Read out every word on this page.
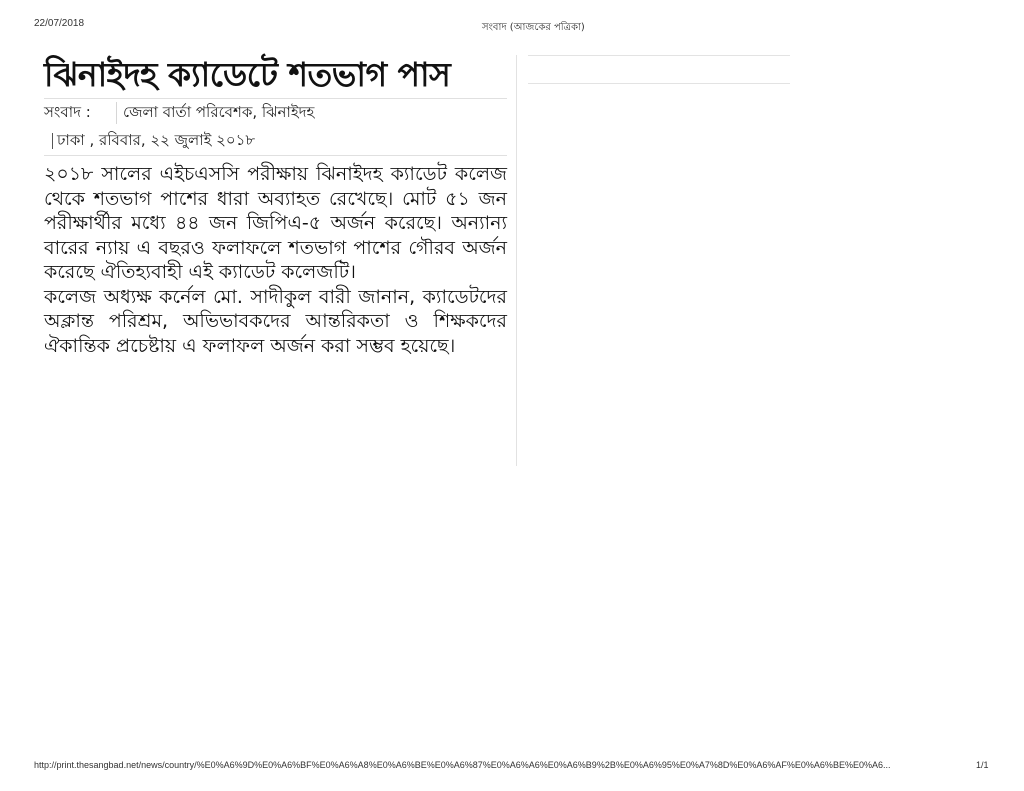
22/07/2018	সংবাদ (আজকের পত্রিকা)
ঝিনাইদহ ক্যাডেটে শতভাগ পাস
সংবাদ :	জেলা বার্তা পরিবেশক, ঝিনাইদহ
ঢাকা , রবিবার, ২২ জুলাই ২০১৮

২০১৮ সালের এইচএসসি পরীক্ষায় ঝিনাইদহ ক্যাডেট কলেজ থেকে শতভাগ পাশের ধারা অব্যাহত রেখেছে। মোট ৫১ জন পরীক্ষার্থীর মধ্যে ৪৪ জন জিপিএ-৫ অর্জন করেছে। অন্যান্য বারের ন্যায় এ বছরও ফলাফলে শতভাগ পাশের গৌরব অর্জন করেছে ঐতিহ্যবাহী এই ক্যাডেট কলেজটি।

কলেজ অধ্যক্ষ কর্নেল মো. সাদীকুল বারী জানান, ক্যাডেটদের অক্লান্ত পরিশ্রম, অভিভাবকদের আন্তরিকতা ও শিক্ষকদের ঐকান্তিক প্রচেষ্টায় এ ফলাফল অর্জন করা সম্ভব হয়েছে।

http://print.thesangbad.net/news/country/%E0%A6%9D%E0%A6%BF%E0%A6%A8%E0%A6%BE%E0%A6%87%E0%A6%A6%E0%A6%B9%2B%E0%A6%95%E0%A7%8D%E0%A6%AF%E0%A6%BE%E0%A6...	1/1
